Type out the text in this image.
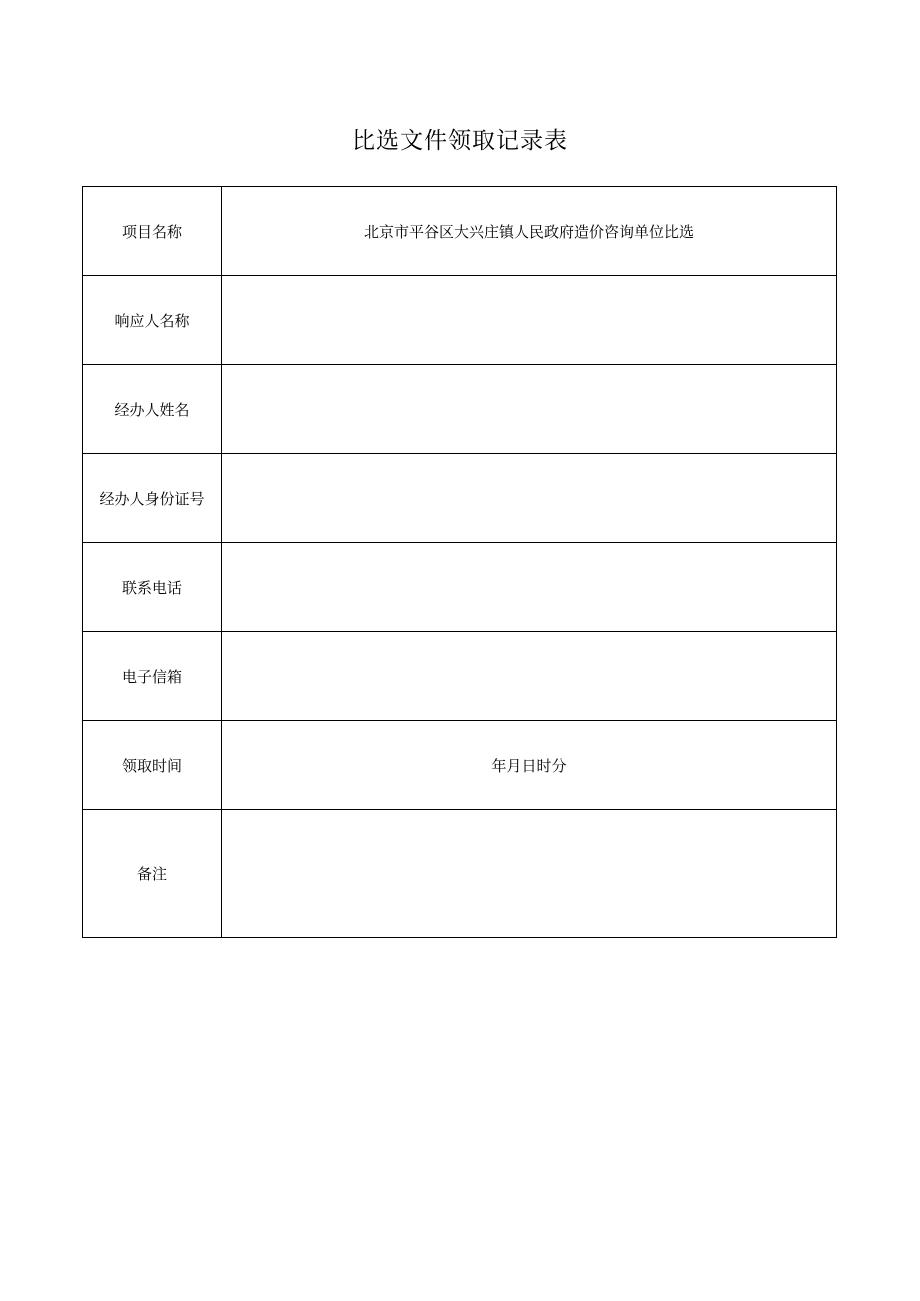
比选文件领取记录表
项目名称	北京市平谷区大兴庄镇人民政府造价咨询单位比选
响应人名称	
经办人姓名	
经办人身份证号	
联系电话	
电子信箱	
领取时间	年月日时分
备注	
